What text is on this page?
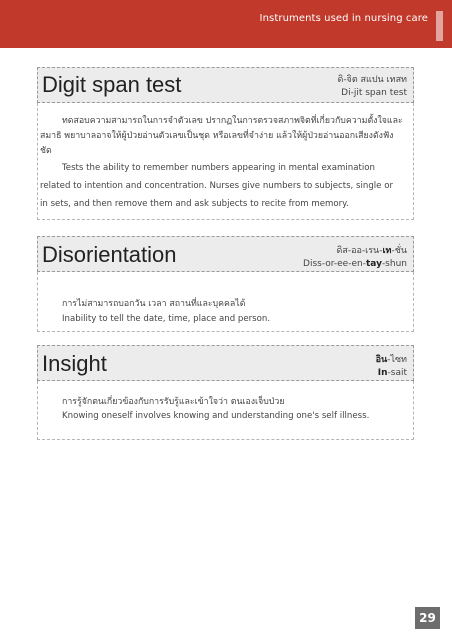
Instruments used in nursing care
Digit span test	ดิ-จิต สแปน เทสท
Di-jit span test
ทดสอบความสามารถในการจำตัวเลข ปรากฏในการตรวจสภาพจิตที่เกี่ยวกับความตั้งใจและ
สมาธิ พยาบาลอาจให้ผู้ป่วยอ่านตัวเลขเป็นชุด หรือเลขที่จำง่าย แล้วให้ผู้ป่วยอ่านออกเสียงดังฟัง
ชัด
Tests the ability to remember numbers appearing in mental examination
related to intention and concentration. Nurses give numbers to subjects, single or
in sets, and then remove them and ask subjects to recite from memory.
Disorientation	ดิส-ออ-เรน-เท-ชั่น
Diss-or-ee-en-tay-shun
การไม่สามารถบอกวัน เวลา สถานที่และบุคคลได้
Inability to tell the date, time, place and person.
Insight	อิน-ไซท
In-sait
การรู้จักตนเกี่ยวข้องกับการรับรู้และเข้าใจว่า ตนเองเจ็บป่วย
Knowing oneself involves knowing and understanding one's self illness.
29
